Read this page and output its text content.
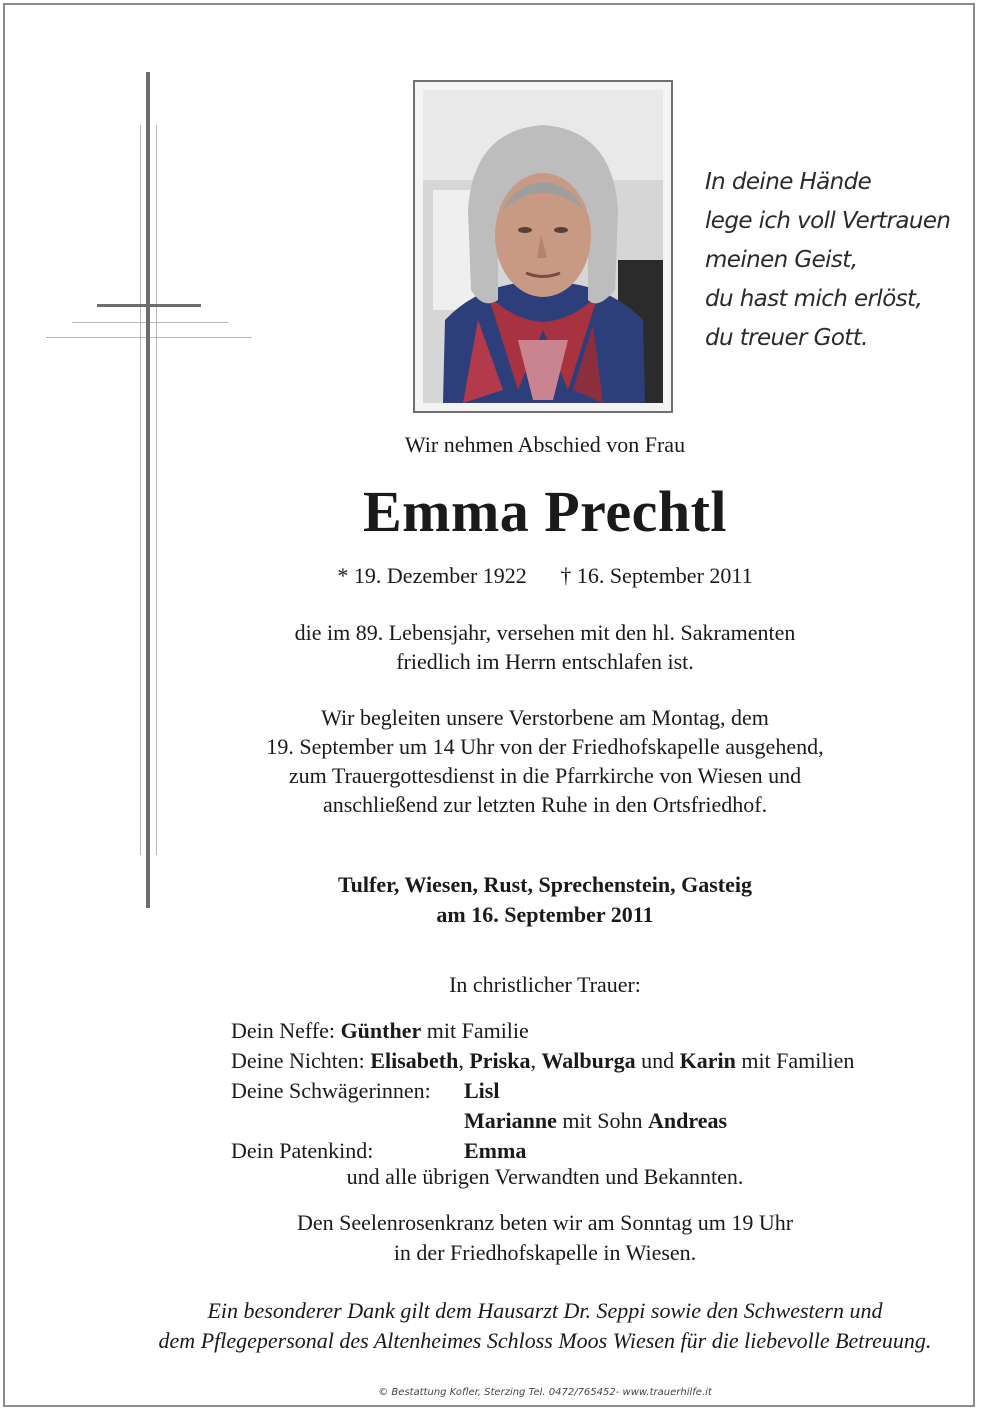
In deine Hände
lege ich voll Vertrauen
meinen Geist,
du hast mich erlöst,
du treuer Gott.
Wir nehmen Abschied von Frau
Emma Prechtl
* 19. Dezember 1922 † 16. September 2011
die im 89. Lebensjahr, versehen mit den hl. Sakramenten
friedlich im Herrn entschlafen ist.
Wir begleiten unsere Verstorbene am Montag, dem
19. September um 14 Uhr von der Friedhofskapelle ausgehend,
zum Trauergottesdienst in die Pfarrkirche von Wiesen und
anschließend zur letzten Ruhe in den Ortsfriedhof.
Tulfer, Wiesen, Rust, Sprechenstein, Gasteig
am 16. September 2011
In christlicher Trauer:
Dein Neffe: Günther mit Familie
Deine Nichten: Elisabeth, Priska, Walburga und Karin mit Familien
Deine Schwägerinnen: Lisl
Marianne mit Sohn Andreas
Dein Patenkind:	Emma
und alle übrigen Verwandten und Bekannten.
Den Seelenrosenkranz beten wir am Sonntag um 19 Uhr
in der Friedhofskapelle in Wiesen.
Ein besonderer Dank gilt dem Hausarzt Dr. Seppi sowie den Schwestern und
dem Pflegepersonal des Altenheimes Schloss Moos Wiesen für die liebevolle Betreuung.
© Bestattung Kofler, Sterzing Tel. 0472/765452- www.trauerhilfe.it
